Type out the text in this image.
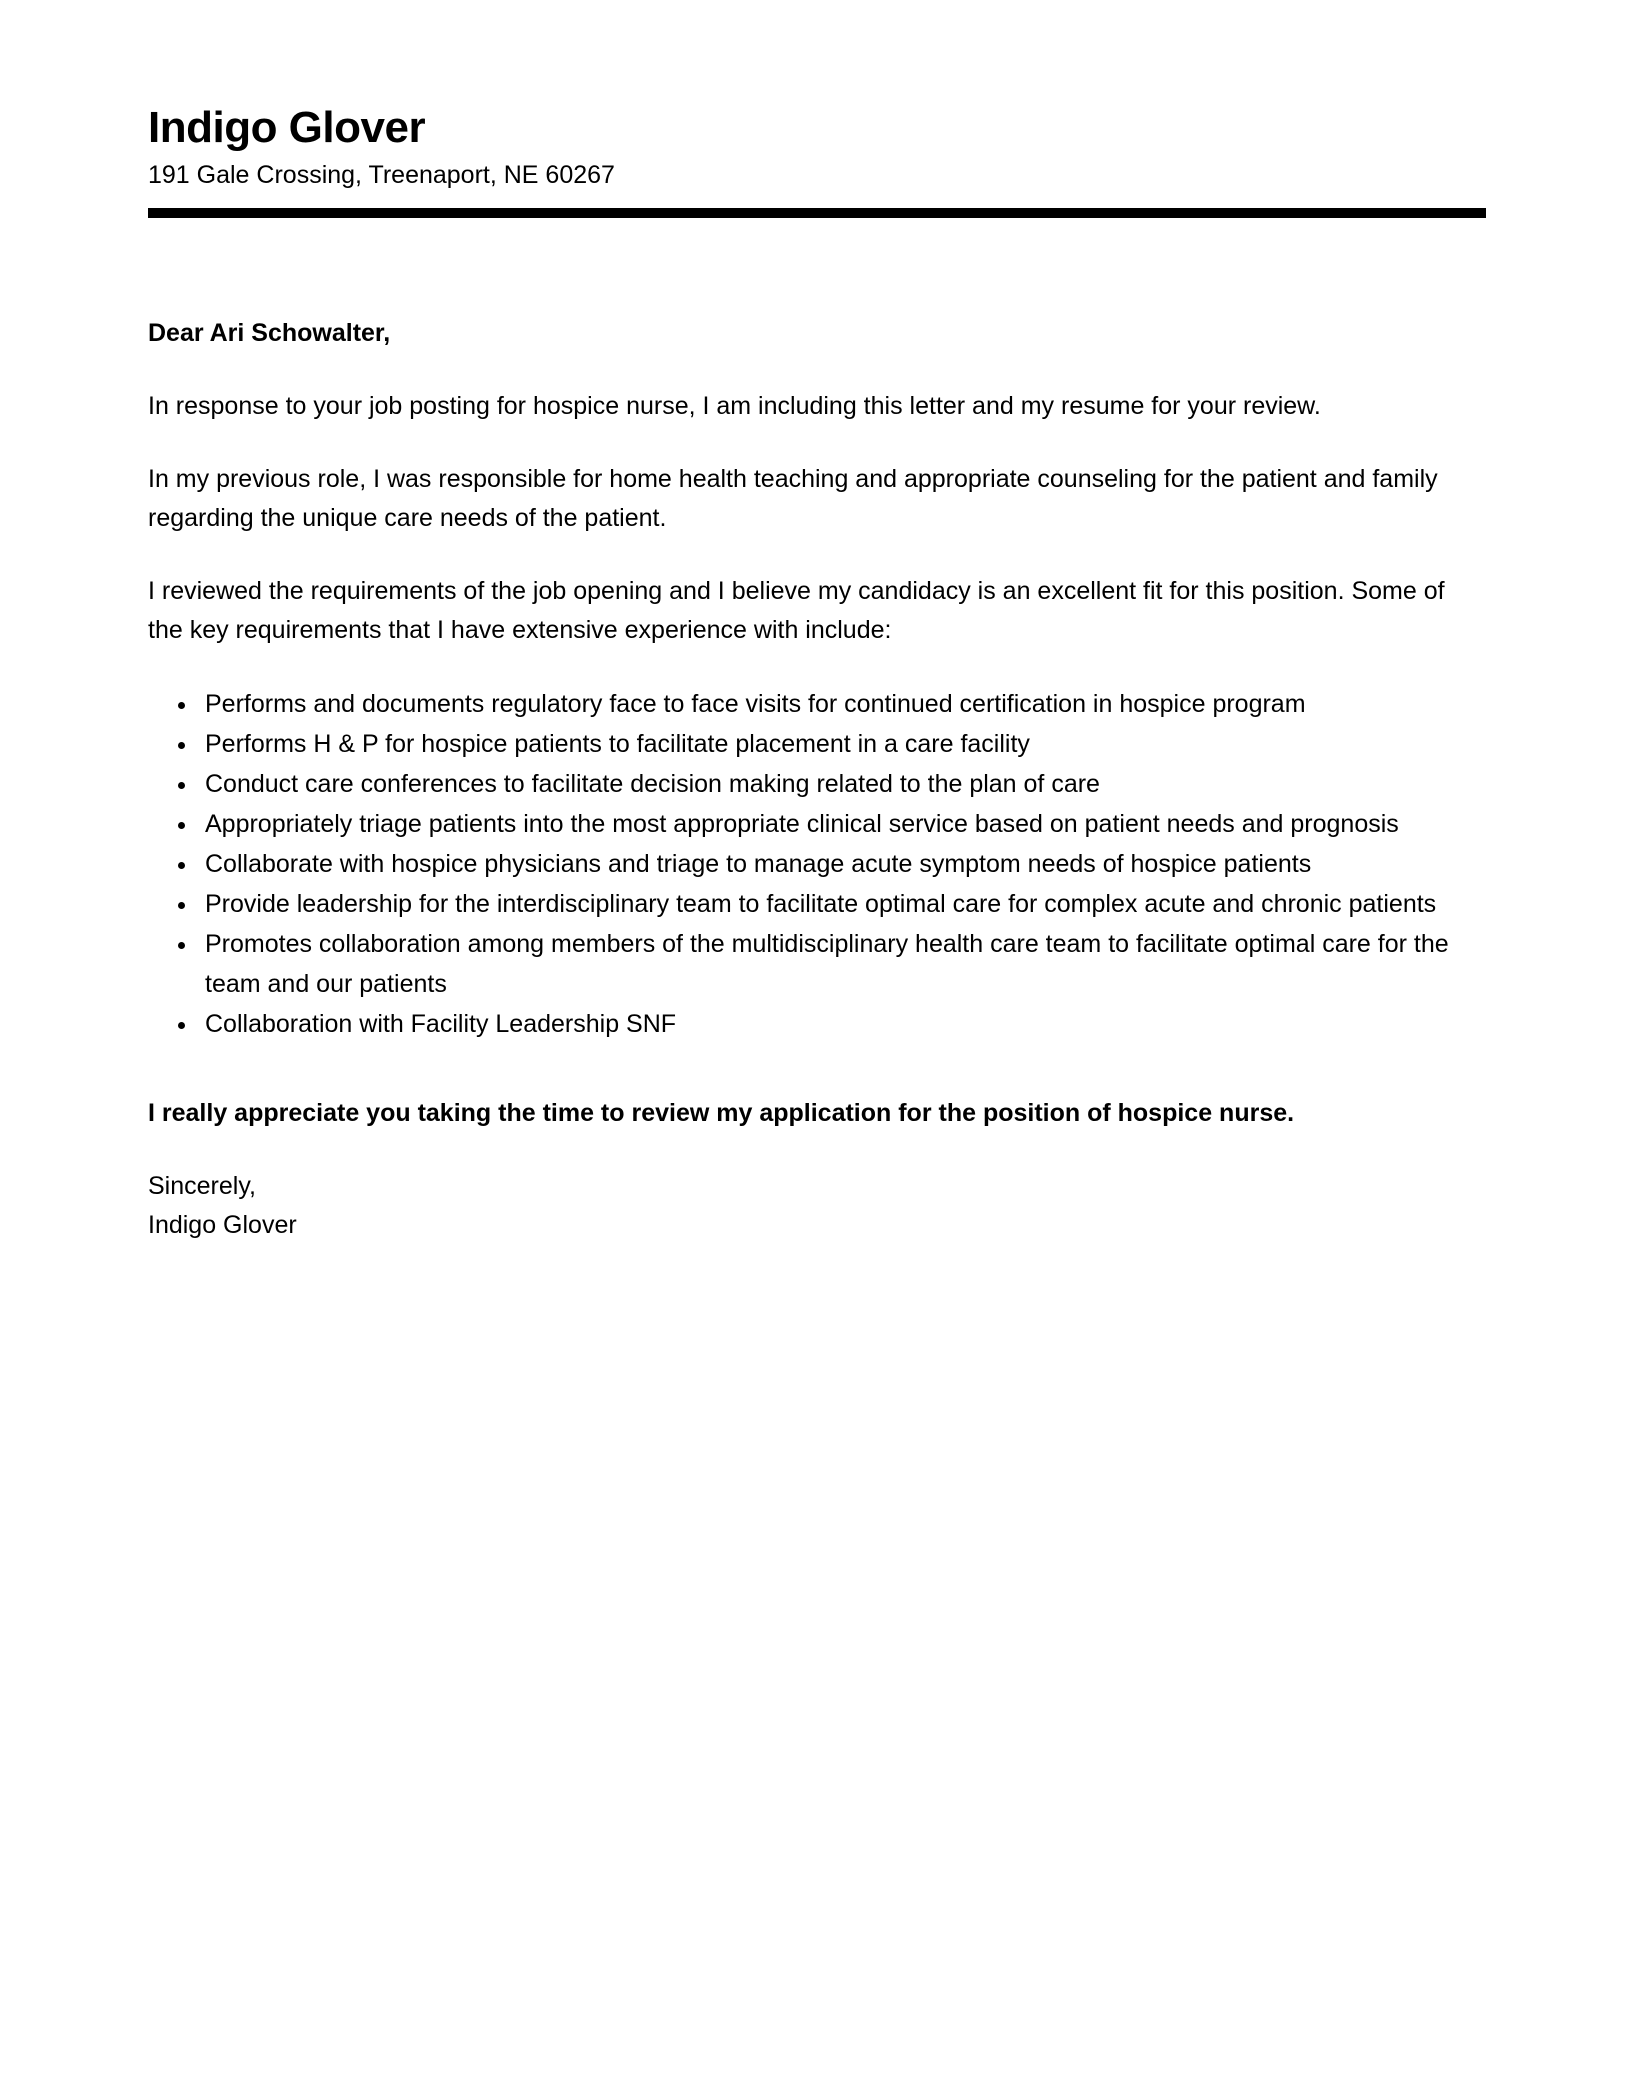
Indigo Glover
191 Gale Crossing, Treenaport, NE 60267

Dear Ari Schowalter,

In response to your job posting for hospice nurse, I am including this letter and my resume for your review.

In my previous role, I was responsible for home health teaching and appropriate counseling for the patient and family regarding the unique care needs of the patient.

I reviewed the requirements of the job opening and I believe my candidacy is an excellent fit for this position. Some of the key requirements that I have extensive experience with include:

• Performs and documents regulatory face to face visits for continued certification in hospice program
• Performs H & P for hospice patients to facilitate placement in a care facility
• Conduct care conferences to facilitate decision making related to the plan of care
• Appropriately triage patients into the most appropriate clinical service based on patient needs and prognosis
• Collaborate with hospice physicians and triage to manage acute symptom needs of hospice patients
• Provide leadership for the interdisciplinary team to facilitate optimal care for complex acute and chronic patients
• Promotes collaboration among members of the multidisciplinary health care team to facilitate optimal care for the team and our patients
• Collaboration with Facility Leadership SNF

I really appreciate you taking the time to review my application for the position of hospice nurse.

Sincerely,

Indigo Glover
